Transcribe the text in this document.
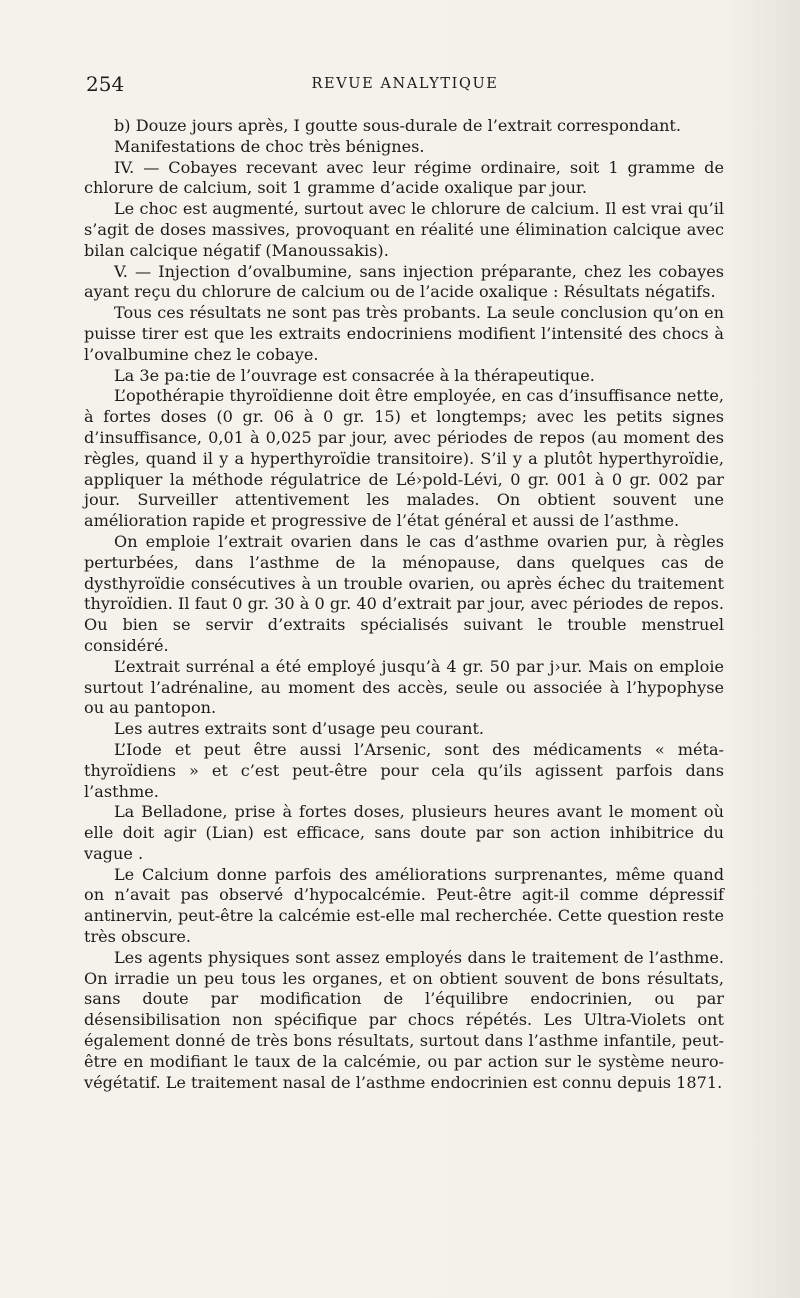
254	REVUE ANALYTIQUE

b) Douze jours après, I goutte sous-durale de l’extrait correspondant.

Manifestations de choc très bénignes.

IV. — Cobayes recevant avec leur régime ordinaire, soit 1 gramme de chlorure de calcium, soit 1 gramme d’acide oxalique par jour.

Le choc est augmenté, surtout avec le chlorure de calcium. Il est vrai qu’il s’agit de doses massives, provoquant en réalité une élimination calcique avec bilan calcique négatif (Manoussakis).

V. — Injection d’ovalbumine, sans injection préparante, chez les cobayes ayant reçu du chlorure de calcium ou de l’acide oxalique : Résultats négatifs.

Tous ces résultats ne sont pas très probants. La seule conclusion qu’on en puisse tirer est que les extraits endocriniens modifient l’intensité des chocs à l’ovalbumine chez le cobaye.

La 3e pa:tie de l’ouvrage est consacrée à la thérapeutique.

L’opothérapie thyroïdienne doit être employée, en cas d’insuffisance nette, à fortes doses (0 gr. 06 à 0 gr. 15) et longtemps; avec les petits signes d’insuffisance, 0,01 à 0,025 par jour, avec périodes de repos (au moment des règles, quand il y a hyperthyroïdie transitoire). S’il y a plutôt hyperthyroïdie, appliquer la méthode régulatrice de Lé›pold-Lévi, 0 gr. 001 à 0 gr. 002 par jour. Surveiller attentivement les malades. On obtient souvent une amélioration rapide et progressive de l’état général et aussi de l’asthme.

On emploie l’extrait ovarien dans le cas d’asthme ovarien pur, à règles perturbées, dans l’asthme de la ménopause, dans quelques cas de dysthyroïdie consécutives à un trouble ovarien, ou après échec du traitement thyroïdien. Il faut 0 gr. 30 à 0 gr. 40 d’extrait par jour, avec périodes de repos. Ou bien se servir d’extraits spécialisés suivant le trouble menstruel considéré.

L’extrait surrénal a été employé jusqu’à 4 gr. 50 par j›ur. Mais on emploie surtout l’adrénaline, au moment des accès, seule ou associée à l’hypophyse ou au pantopon.

Les autres extraits sont d’usage peu courant.

L’Iode et peut être aussi l’Arsenic, sont des médicaments « méta-thyroïdiens » et c’est peut-être pour cela qu’ils agissent parfois dans l’asthme.

La Belladone, prise à fortes doses, plusieurs heures avant le moment où elle doit agir (Lian) est efficace, sans doute par son action inhibitrice du vague .

Le Calcium donne parfois des améliorations surprenantes, même quand on n’avait pas observé d’hypocalcémie. Peut-être agit-il comme dépressif antinervin, peut-être la calcémie est-elle mal recherchée. Cette question reste très obscure.

Les agents physiques sont assez employés dans le traitement de l’asthme. On irradie un peu tous les organes, et on obtient souvent de bons résultats, sans doute par modification de l’équilibre endocrinien, ou par désensibilisation non spécifique par chocs répétés. Les Ultra-Violets ont également donné de très bons résultats, surtout dans l’asthme infantile, peut-être en modifiant le taux de la calcémie, ou par action sur le système neuro-végétatif. Le traitement nasal de l’asthme endocrinien est connu depuis 1871.
